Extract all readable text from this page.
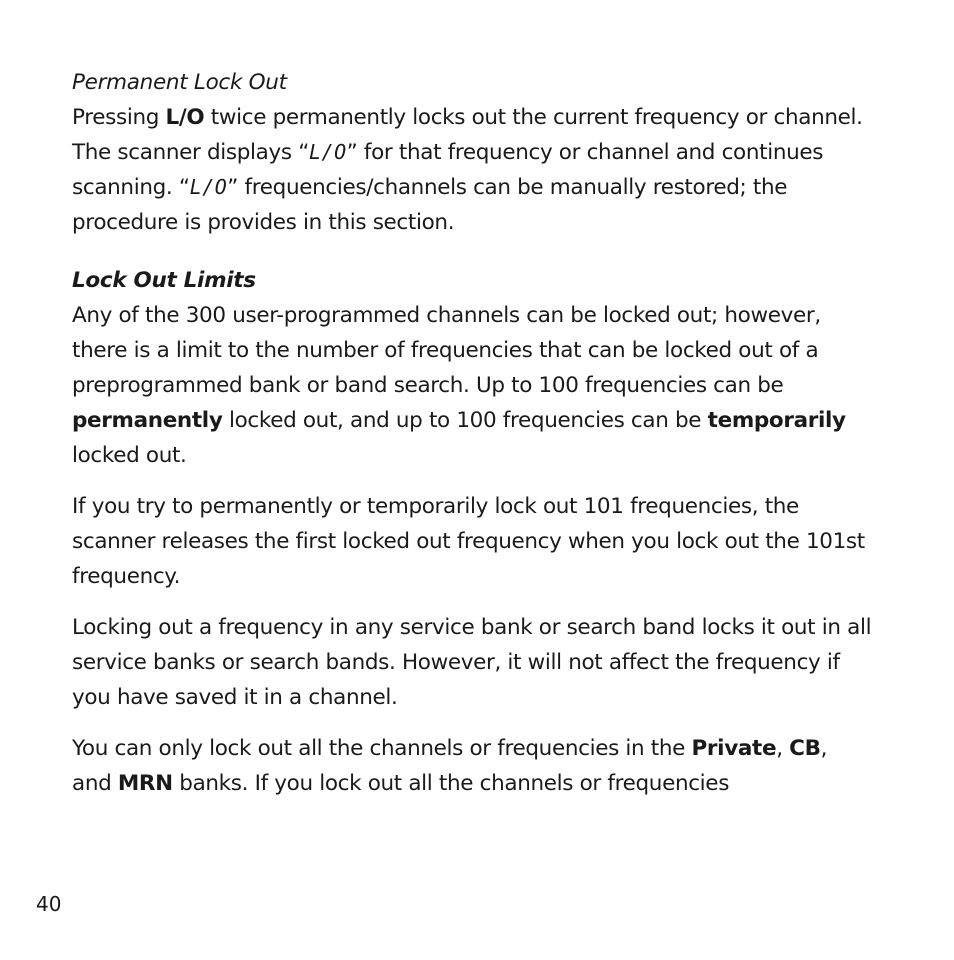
Permanent Lock Out

Pressing L/O twice permanently locks out the current frequency or channel. The scanner displays “L/O” for that frequency or channel and continues scanning. “L/O” frequencies/channels can be manually restored; the procedure is provides in this section.

Lock Out Limits

Any of the 300 user-programmed channels can be locked out; however, there is a limit to the number of frequencies that can be locked out of a preprogrammed bank or band search. Up to 100 frequencies can be permanently locked out, and up to 100 frequencies can be temporarily locked out.

If you try to permanently or temporarily lock out 101 frequencies, the scanner releases the first locked out frequency when you lock out the 101st frequency.

Locking out a frequency in any service bank or search band locks it out in all service banks or search bands. However, it will not affect the frequency if you have saved it in a channel.

You can only lock out all the channels or frequencies in the Private, CB, and MRN banks. If you lock out all the channels or frequencies

40
